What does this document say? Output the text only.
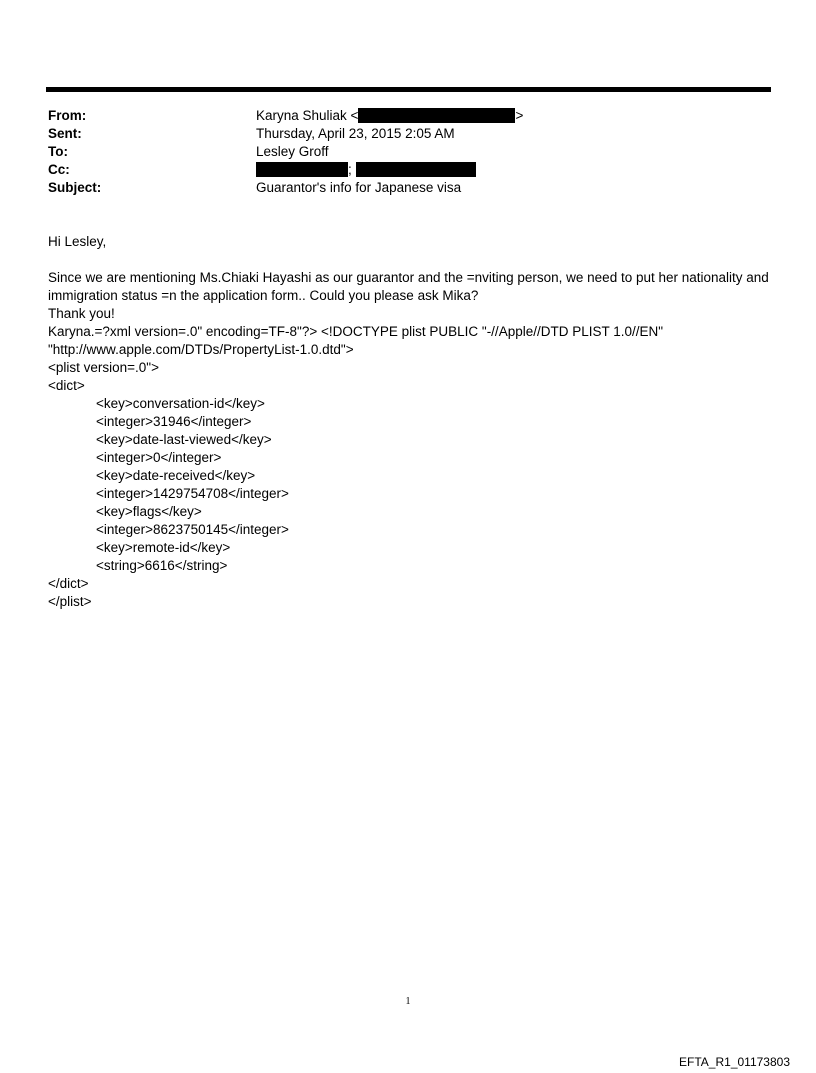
From:	Karyna Shuliak <	>
Sent:	Thursday, April 23, 2015 2:05 AM
To:	Lesley Groff
Cc:	;
Subject:	Guarantor's info for Japanese visa

Hi Lesley,

Since we are mentioning Ms.Chiaki Hayashi as our guarantor and the =nviting person, we need to put her nationality and

immigration status =n the application form.. Could you please ask Mika?

Thank you!

Karyna.=?xml version=.0" encoding=TF-8"?> <!DOCTYPE plist PUBLIC "-//Apple//DTD PLIST 1.0//EN"

"http://www.apple.com/DTDs/PropertyList-1.0.dtd">

<plist version=.0">

<dict>

<key>conversation-id</key>

<integer>31946</integer>

<key>date-last-viewed</key>

<integer>0</integer>

<key>date-received</key>

<integer>1429754708</integer>

<key>flags</key>

<integer>8623750145</integer>

<key>remote-id</key>

<string>6616</string>

</dict>

</plist>

1
EFTA_R1_01173803
